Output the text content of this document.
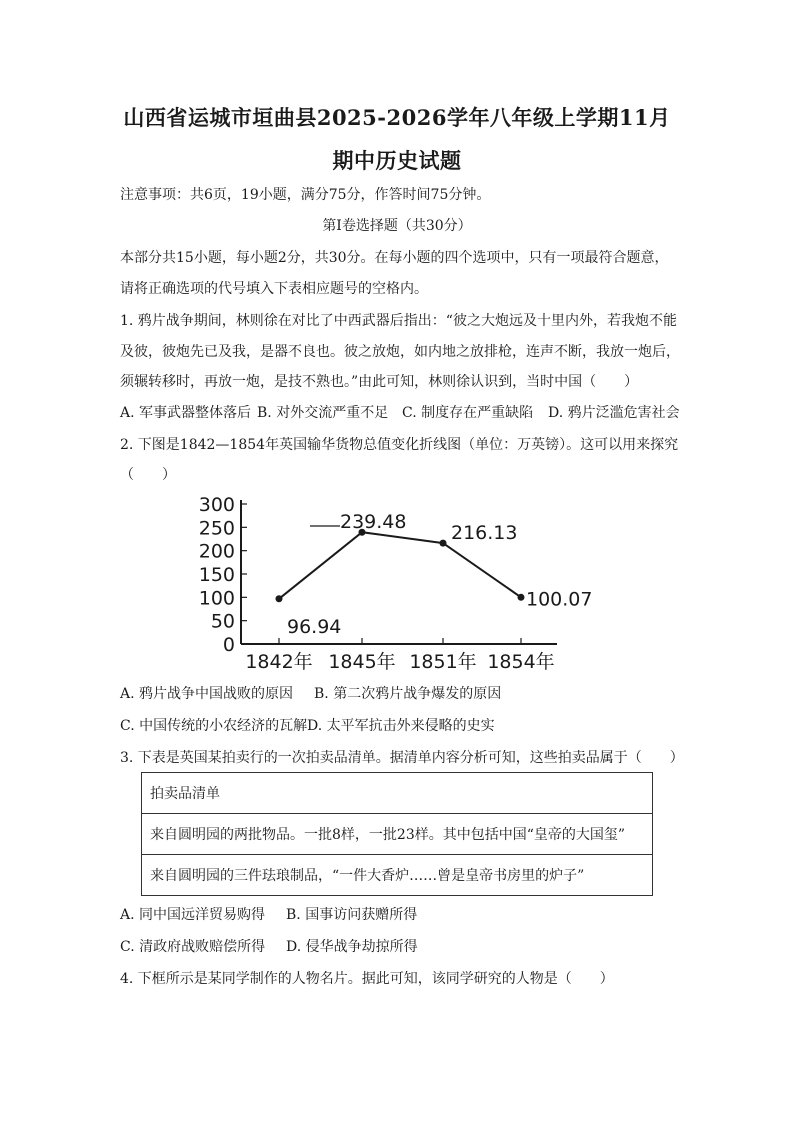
山西省运城市垣曲县2025-2026学年八年级上学期11月
期中历史试题
注意事项：共6页，19小题，满分75分，作答时间75分钟。
第Ⅰ卷选择题（共30分）
本部分共15小题，每小题2分，共30分。在每小题的四个选项中，只有一项最符合题意，
请将正确选项的代号填入下表相应题号的空格内。
1. 鸦片战争期间，林则徐在对比了中西武器后指出：“彼之大炮远及十里内外，若我炮不能
及彼，彼炮先已及我，是器不良也。彼之放炮，如内地之放排枪，连声不断，我放一炮后，
须辗转移时，再放一炮，是技不熟也。”由此可知，林则徐认识到，当时中国（　　）
A. 军事武器整体落后 B. 对外交流严重不足 C. 制度存在严重缺陷 D. 鸦片泛滥危害社会
2. 下图是1842—1854年英国输华货物总值变化折线图（单位：万英镑）。这可以用来探究
（　　）
300
250
200
150
100
50
0
1842年 1845年 1851年 1854年
96.94
239.48 216.13
100.07
A. 鸦片战争中国战败的原因 B. 第二次鸦片战争爆发的原因
C. 中国传统的小农经济的瓦解D. 太平军抗击外来侵略的史实
3. 下表是英国某拍卖行的一次拍卖品清单。据清单内容分析可知，这些拍卖品属于（　　）
拍卖品清单
来自圆明园的两批物品。一批8样，一批23样。其中包括中国“皇帝的大国玺”
来自圆明园的三件珐琅制品，“一件大香炉……曾是皇帝书房里的炉子”
A. 同中国远洋贸易购得 B. 国事访问获赠所得
C. 清政府战败赔偿所得 D. 侵华战争劫掠所得
4. 下框所示是某同学制作的人物名片。据此可知，该同学研究的人物是（　　）
